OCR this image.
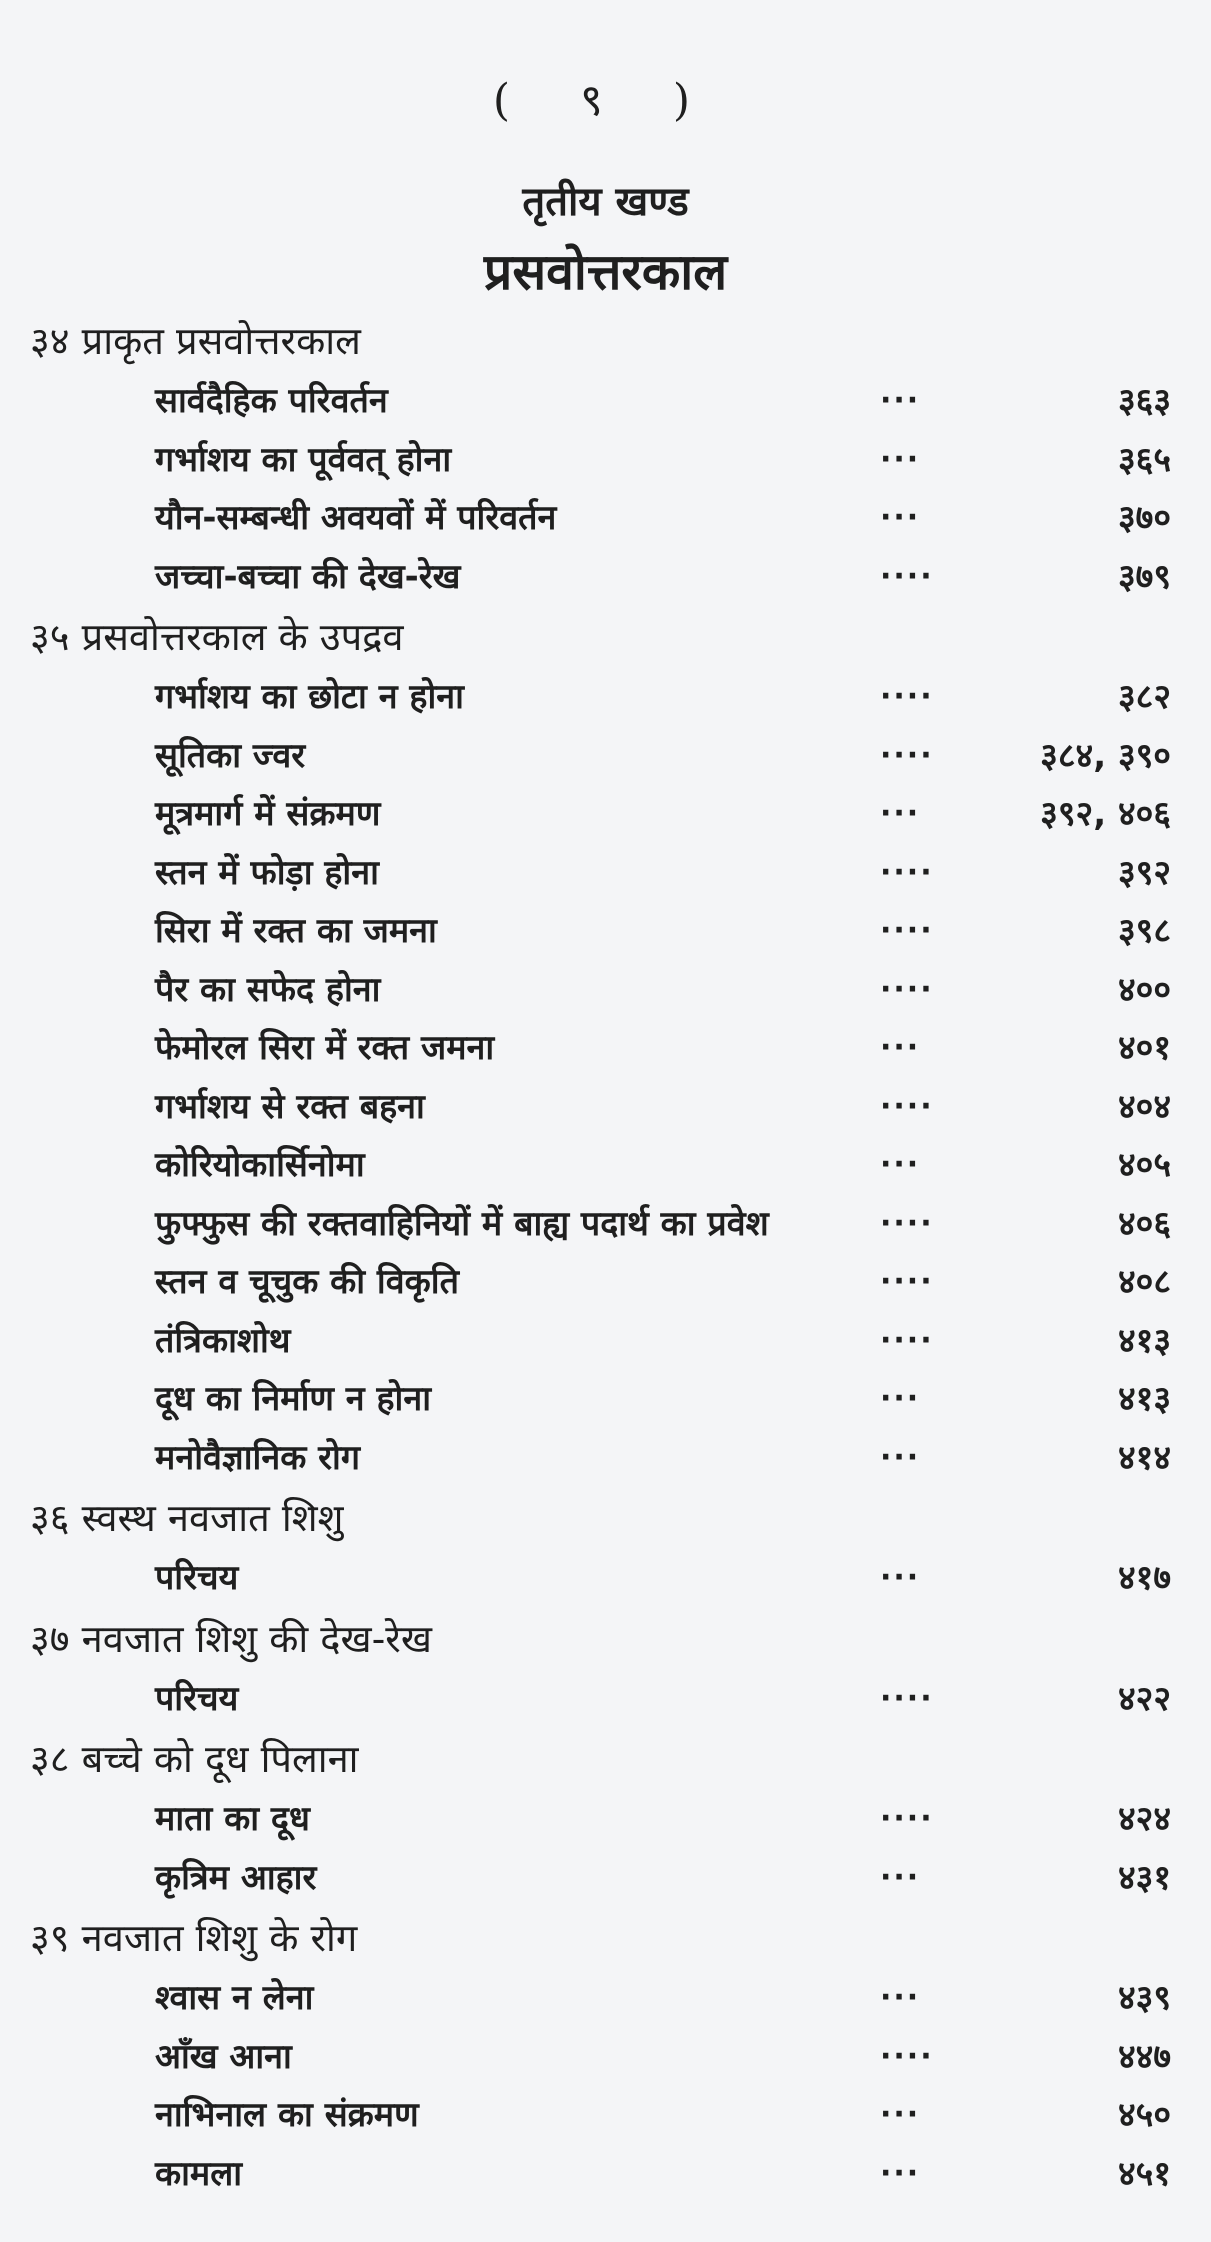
( ९ )
तृतीय खण्ड
प्रसवोत्तरकाल
३४ प्राकृत प्रसवोत्तरकाल
सार्वदैहिक परिवर्तन	···	३६३
गर्भाशय का पूर्ववत् होना	···	३६५
यौन-सम्बन्धी अवयवों में परिवर्तन	···	३७०
जच्चा-बच्चा की देख-रेख	····	३७९
३५ प्रसवोत्तरकाल के उपद्रव
गर्भाशय का छोटा न होना	····	३८२
सूतिका ज्वर	····	३८४, ३९०
मूत्रमार्ग में संक्रमण	···	३९२, ४०६
स्तन में फोड़ा होना	····	३९२
सिरा में रक्त का जमना	····	३९८
पैर का सफेद होना	····	४००
फेमोरल सिरा में रक्त जमना	···	४०१
गर्भाशय से रक्त बहना	····	४०४
कोरियोकार्सिनोमा	···	४०५
फुफ्फुस की रक्तवाहिनियों में बाह्य पदार्थ का प्रवेश	····	४०६
स्तन व चूचुक की विकृति	····	४०८
तंत्रिकाशोथ	····	४१३
दूध का निर्माण न होना	···	४१३
मनोवैज्ञानिक रोग	···	४१४
३६ स्वस्थ नवजात शिशु
परिचय	···	४१७
३७ नवजात शिशु की देख-रेख
परिचय	····	४२२
३८ बच्चे को दूध पिलाना
माता का दूध	····	४२४
कृत्रिम आहार	···	४३१
३९ नवजात शिशु के रोग
श्वास न लेना	···	४३९
आँख आना	····	४४७
नाभिनाल का संक्रमण	···	४५०
कामला	···	४५१
